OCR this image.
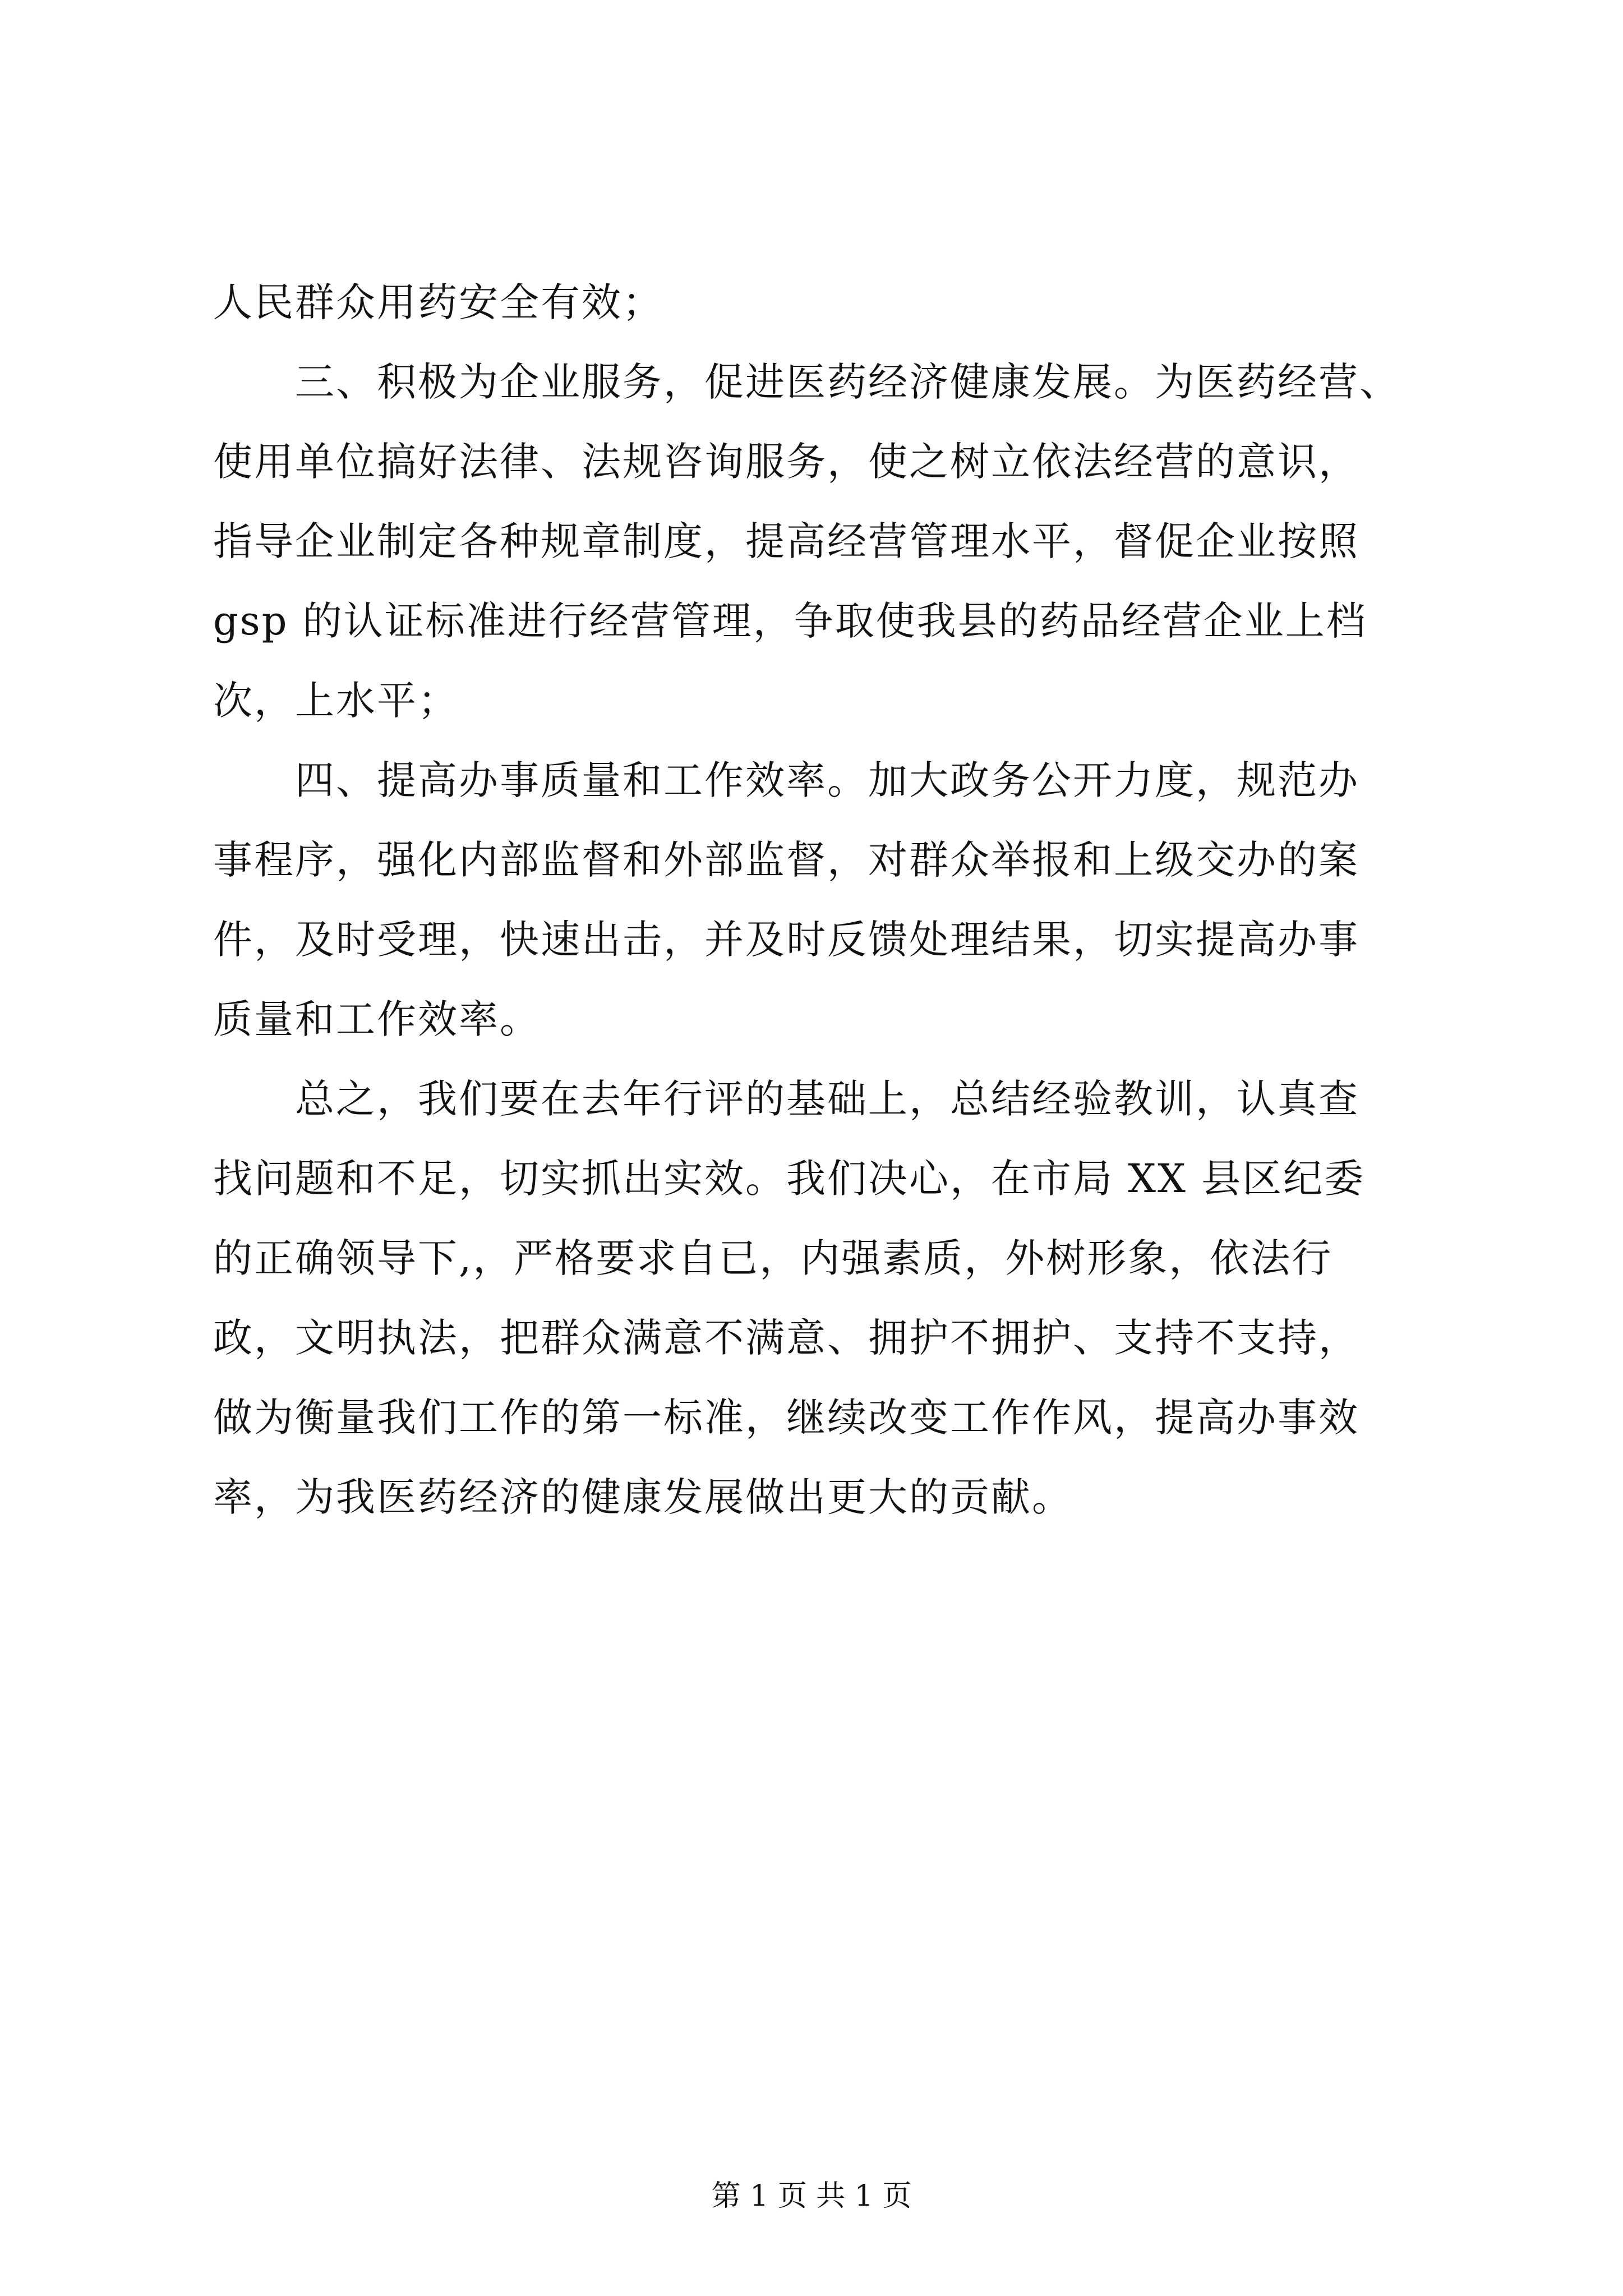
人民群众用药安全有效；
　　三、积极为企业服务，促进医药经济健康发展。为医药经营、
使用单位搞好法律、法规咨询服务，使之树立依法经营的意识，
指导企业制定各种规章制度，提高经营管理水平，督促企业按照
gsp 的认证标准进行经营管理，争取使我县的药品经营企业上档
次，上水平；
　　四、提高办事质量和工作效率。加大政务公开力度，规范办
事程序，强化内部监督和外部监督，对群众举报和上级交办的案
件，及时受理，快速出击，并及时反馈处理结果，切实提高办事
质量和工作效率。
　　总之，我们要在去年行评的基础上，总结经验教训，认真查
找问题和不足，切实抓出实效。我们决心，在市局 XX 县区纪委
的正确领导下,，严格要求自已，内强素质，外树形象，依法行
政，文明执法，把群众满意不满意、拥护不拥护、支持不支持，
做为衡量我们工作的第一标准，继续改变工作作风，提高办事效
率，为我医药经济的健康发展做出更大的贡献。
第 1 页 共 1 页
